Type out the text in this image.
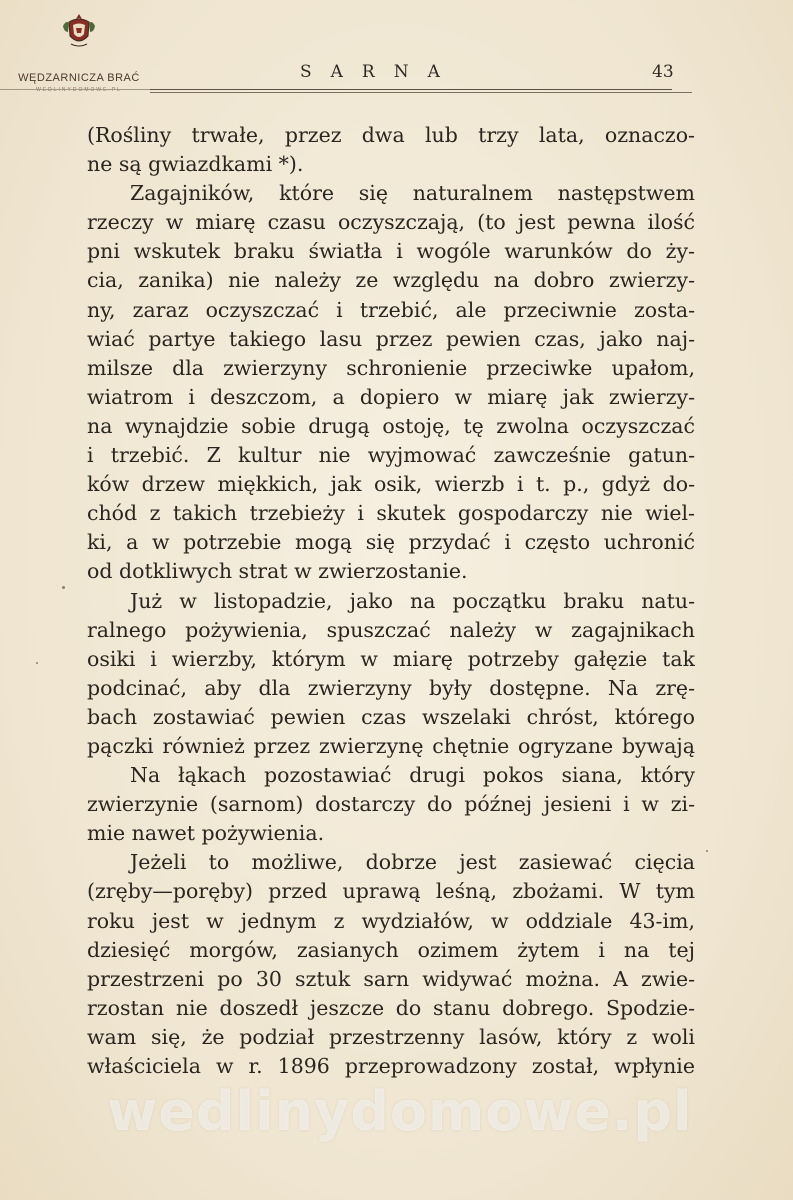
WĘDZARNICZA BRAĆ
WEDLINYDOMOWE.PL
SARNA	43
(Rośliny trwałe, przez dwa lub trzy lata, oznaczo-
ne są gwiazdkami *).
Zagajników, które się naturalnem następstwem
rzeczy w miarę czasu oczyszczają, (to jest pewna ilość
pni wskutek braku światła i wogóle warunków do ży-
cia, zanika) nie należy ze względu na dobro zwierzy-
ny, zaraz oczyszczać i trzebić, ale przeciwnie zosta-
wiać partye takiego lasu przez pewien czas, jako naj-
milsze dla zwierzyny schronienie przeciwke upałom,
wiatrom i deszczom, a dopiero w miarę jak zwierzy-
na wynajdzie sobie drugą ostoję, tę zwolna oczyszczać
i trzebić. Z kultur nie wyjmować zawcześnie gatun-
ków drzew miękkich, jak osik, wierzb i t. p., gdyż do-
chód z takich trzebieży i skutek gospodarczy nie wiel-
ki, a w potrzebie mogą się przydać i często uchronić
od dotkliwych strat w zwierzostanie.
Już w listopadzie, jako na początku braku natu-
ralnego pożywienia, spuszczać należy w zagajnikach
osiki i wierzby, którym w miarę potrzeby gałęzie tak
podcinać, aby dla zwierzyny były dostępne. Na zrę-
bach zostawiać pewien czas wszelaki chróst, którego
pączki również przez zwierzynę chętnie ogryzane bywają
Na łąkach pozostawiać drugi pokos siana, który
zwierzynie (sarnom) dostarczy do późnej jesieni i w zi-
mie nawet pożywienia.
Jeżeli to możliwe, dobrze jest zasiewać cięcia
(zręby—poręby) przed uprawą leśną, zbożami. W tym
roku jest w jednym z wydziałów, w oddziale 43-im,
dziesięć morgów, zasianych ozimem żytem i na tej
przestrzeni po 30 sztuk sarn widywać można. A zwie-
rzostan nie doszedł jeszcze do stanu dobrego. Spodzie-
wam się, że podział przestrzenny lasów, który z woli
właściciela w r. 1896 przeprowadzony został, wpłynie
wedlinydomowe.pl
